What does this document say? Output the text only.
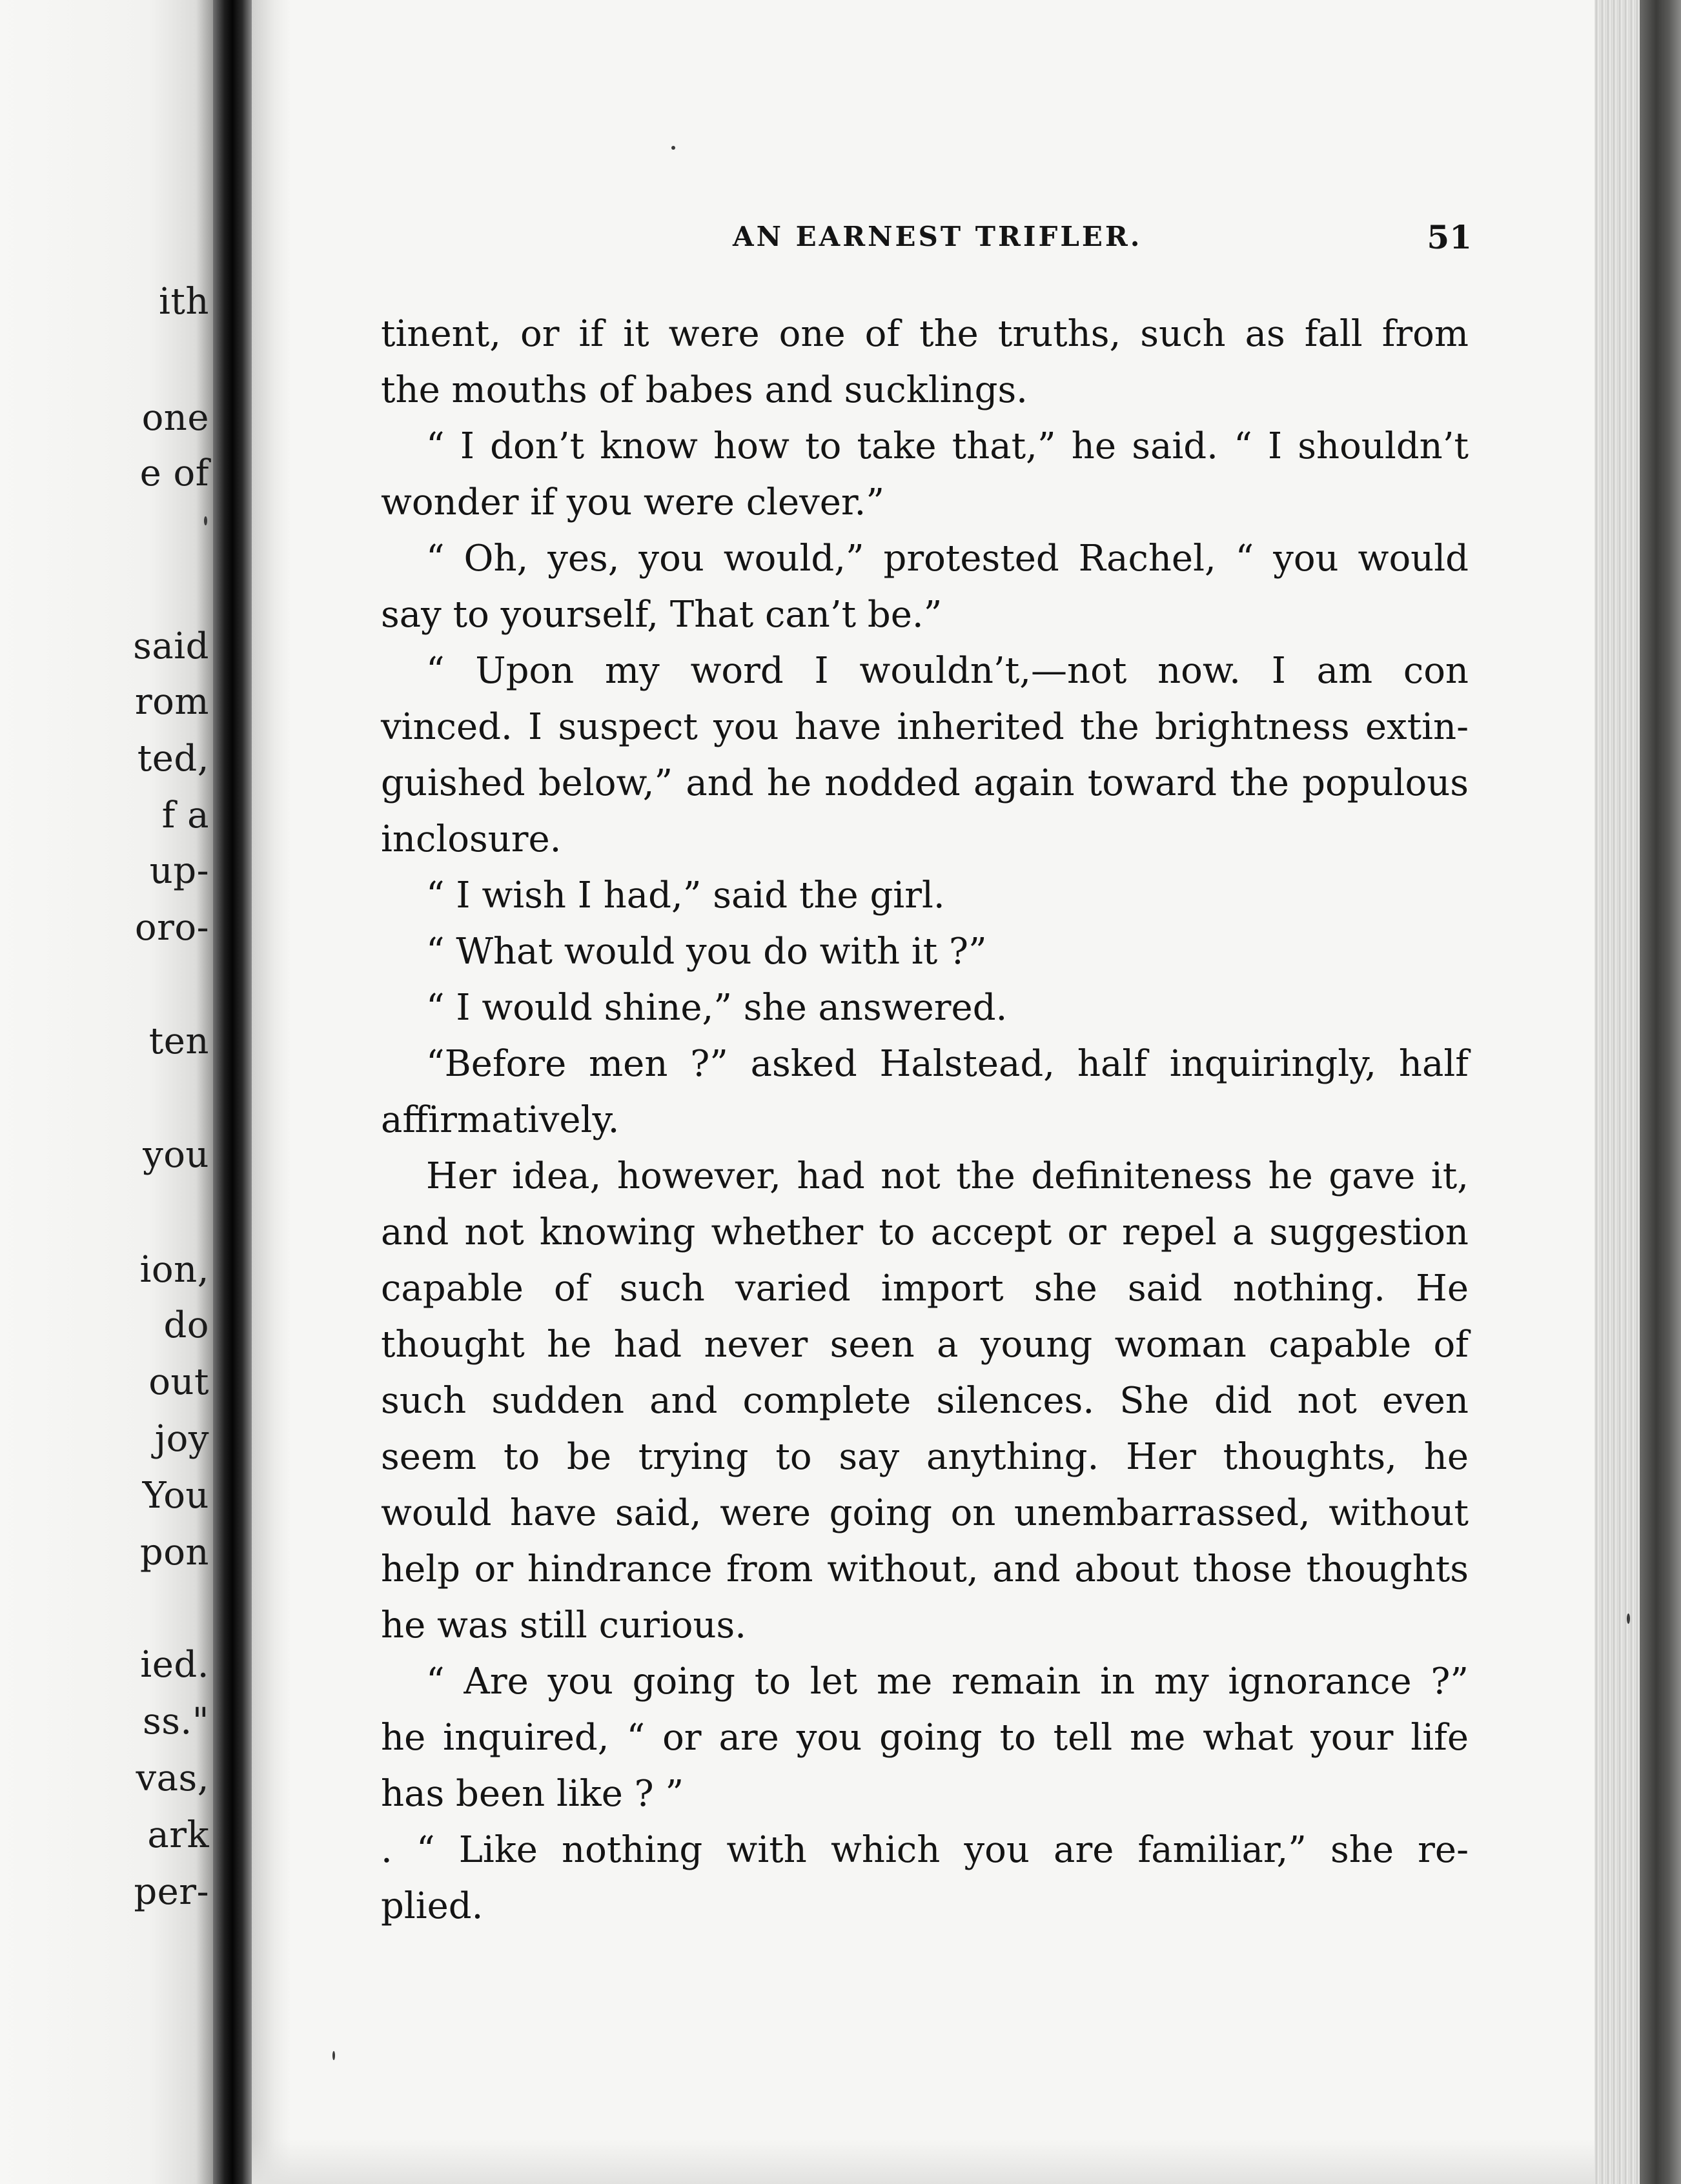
ith
one
e of
said
rom
ted,
f a
up-
oro-
ten
you
ion,
do
out
joy
You
pon
ied.
ss."
vas,
ark
per-
AN EARNEST TRIFLER.	51
tinent, or if it were one of the truths, such as fall from
the mouths of babes and sucklings.
“ I don’t know how to take that,” he said. “ I shouldn’t
wonder if you were clever.”
“ Oh, yes, you would,” protested Rachel, “ you would
say to yourself, That can’t be.”
“ Upon my word I wouldn’t,—not now. I am con
vinced. I suspect you have inherited the brightness extin-
guished below,” and he nodded again toward the populous
inclosure.
“ I wish I had,” said the girl.
“ What would you do with it ?”
“ I would shine,” she answered.
“Before men ?” asked Halstead, half inquiringly, half
affirmatively.
Her idea, however, had not the definiteness he gave it,
and not knowing whether to accept or repel a suggestion
capable of such varied import she said nothing. He
thought he had never seen a young woman capable of
such sudden and complete silences. She did not even
seem to be trying to say anything. Her thoughts, he
would have said, were going on unembarrassed, without
help or hindrance from without, and about those thoughts
he was still curious.
“ Are you going to let me remain in my ignorance ?”
he inquired, “ or are you going to tell me what your life
has been like ? ”
. “ Like nothing with which you are familiar,” she re-
plied.
